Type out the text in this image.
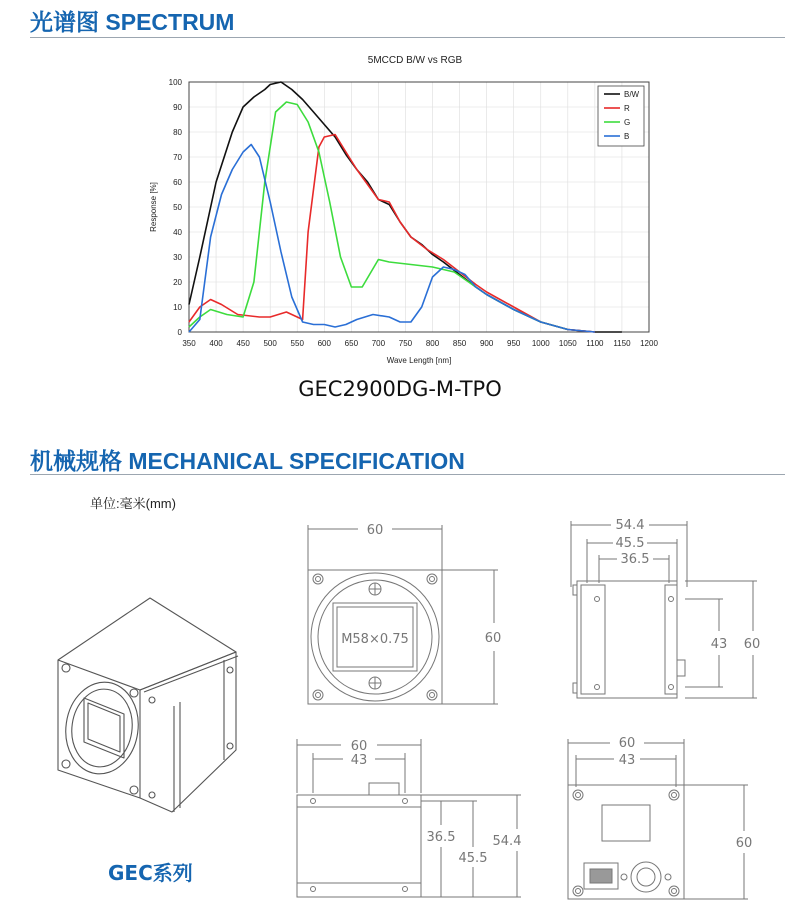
光谱图 SPECTRUM
5MCCD B/W vs RGB
0
10
20
30
40
50
60
70
80
90
100
350 400 450 500 550 600 650 700 750 800 850 900 950 1000 1050 1100 1150 1200
Wave Length [nm]
Response [%]
B/W
R
G
B
GEC2900DG-M-TPO
机械规格 MECHANICAL SPECIFICATION
单位:毫米(mm)
GEC系列
60
60
M58×0.75
54.4
45.5
36.5
43 60
60
43
36.5
45.5
54.4
60
43
60
